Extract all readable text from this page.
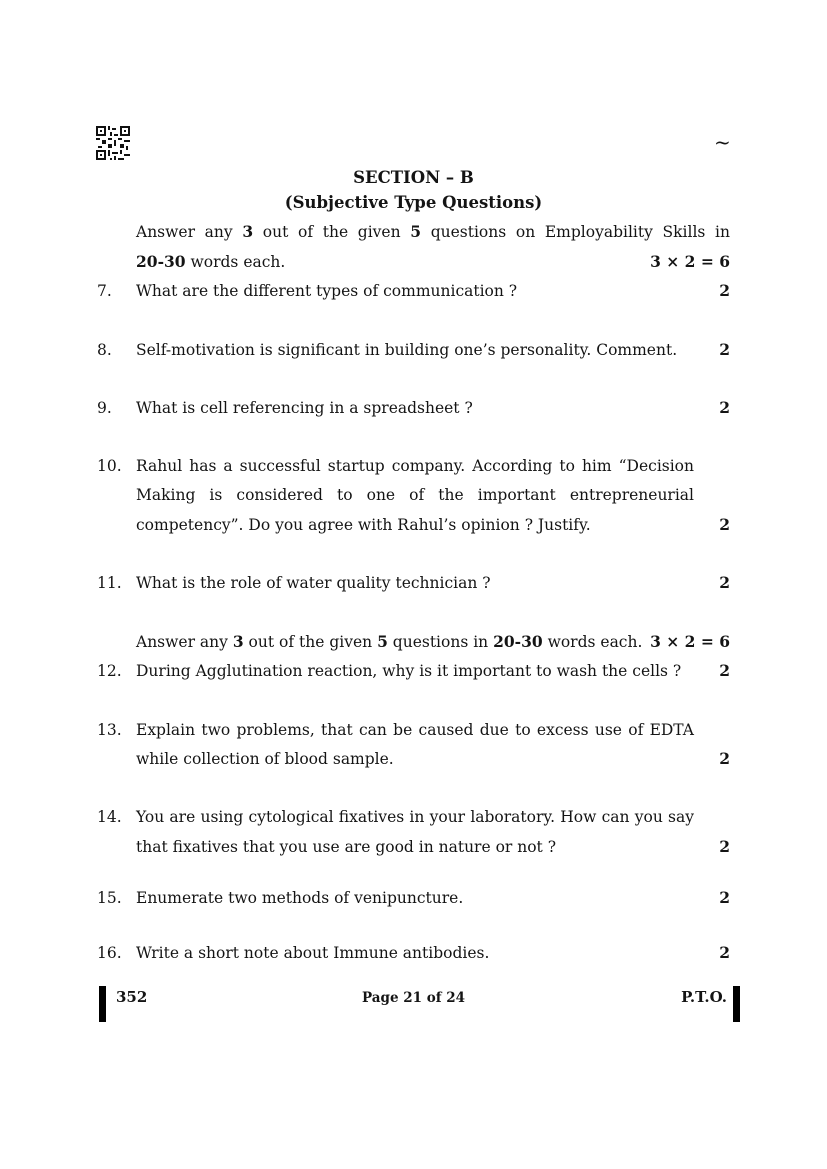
~
SECTION – B
(Subjective Type Questions)
Answer any 3 out of the given 5 questions on Employability Skills in
20-30 words each.	3 × 2 = 6
7. What are the different types of communication ?	2
8. Self-motivation is significant in building one’s personality. Comment.	2
9. What is cell referencing in a spreadsheet ?	2
10. Rahul has a successful startup company. According to him “Decision
Making is considered to one of the important entrepreneurial
competency”. Do you agree with Rahul’s opinion ? Justify.	2
11. What is the role of water quality technician ?	2
Answer any 3 out of the given 5 questions in 20-30 words each. 3 × 2 = 6
12. During Agglutination reaction, why is it important to wash the cells ? 2
13. Explain two problems, that can be caused due to excess use of EDTA
while collection of blood sample.	2
14. You are using cytological fixatives in your laboratory. How can you say
that fixatives that you use are good in nature or not ?	2
15. Enumerate two methods of venipuncture.	2
16. Write a short note about Immune antibodies.	2
352	Page 21 of 24	P.T.O.
